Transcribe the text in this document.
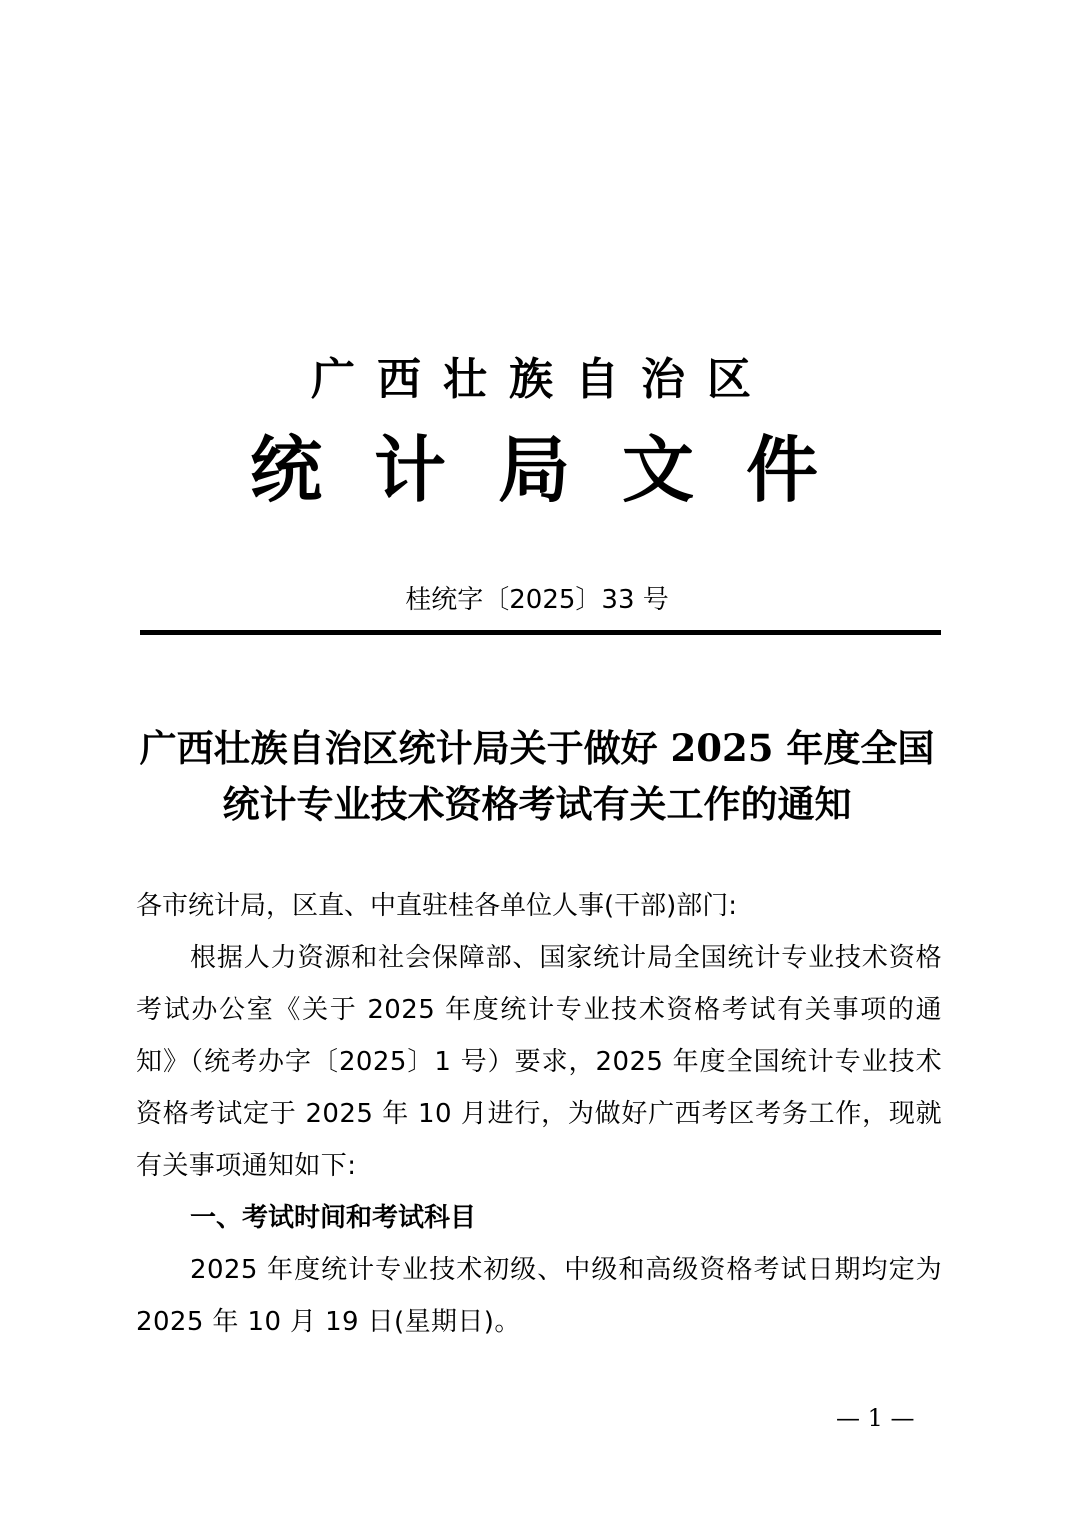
广西壮族自治区
统计局文件
桂统字〔2025〕33 号
广西壮族自治区统计局关于做好 2025 年度全国统计专业技术资格考试有关工作的通知
各市统计局，区直、中直驻桂各单位人事(干部)部门:
根据人力资源和社会保障部、国家统计局全国统计专业技术资格考试办公室《关于 2025 年度统计专业技术资格考试有关事项的通知》（统考办字〔2025〕1 号）要求，2025 年度全国统计专业技术资格考试定于 2025 年 10 月进行，为做好广西考区考务工作，现就有关事项通知如下:
一、考试时间和考试科目
2025 年度统计专业技术初级、中级和高级资格考试日期均定为 2025 年 10 月 19 日(星期日)。
— 1 —
